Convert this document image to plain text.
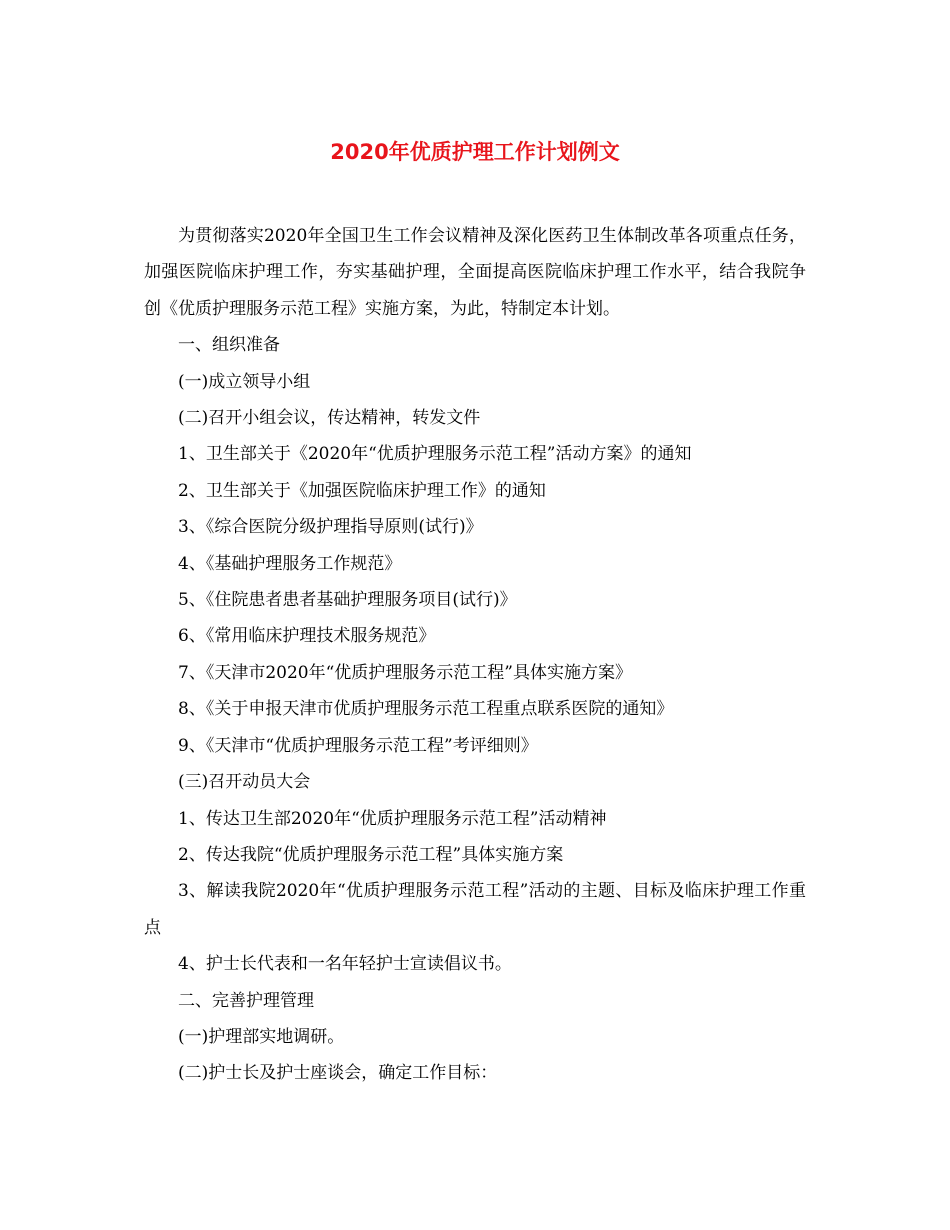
2020年优质护理工作计划例文

为贯彻落实2020年全国卫生工作会议精神及深化医药卫生体制改革各项重点任务，加强医院临床护理工作，夯实基础护理，全面提高医院临床护理工作水平，结合我院争创《优质护理服务示范工程》实施方案，为此，特制定本计划。

一、组织准备

(一)成立领导小组

(二)召开小组会议，传达精神，转发文件

1、卫生部关于《2020年“优质护理服务示范工程”活动方案》的通知

2、卫生部关于《加强医院临床护理工作》的通知

3、《综合医院分级护理指导原则(试行)》

4、《基础护理服务工作规范》

5、《住院患者患者基础护理服务项目(试行)》

6、《常用临床护理技术服务规范》

7、《天津市2020年“优质护理服务示范工程”具体实施方案》

8、《关于申报天津市优质护理服务示范工程重点联系医院的通知》

9、《天津市“优质护理服务示范工程”考评细则》

(三)召开动员大会

1、传达卫生部2020年“优质护理服务示范工程”活动精神

2、传达我院“优质护理服务示范工程”具体实施方案

3、解读我院2020年“优质护理服务示范工程”活动的主题、目标及临床护理工作重点

4、护士长代表和一名年轻护士宣读倡议书。

二、完善护理管理

(一)护理部实地调研。

(二)护士长及护士座谈会，确定工作目标：
